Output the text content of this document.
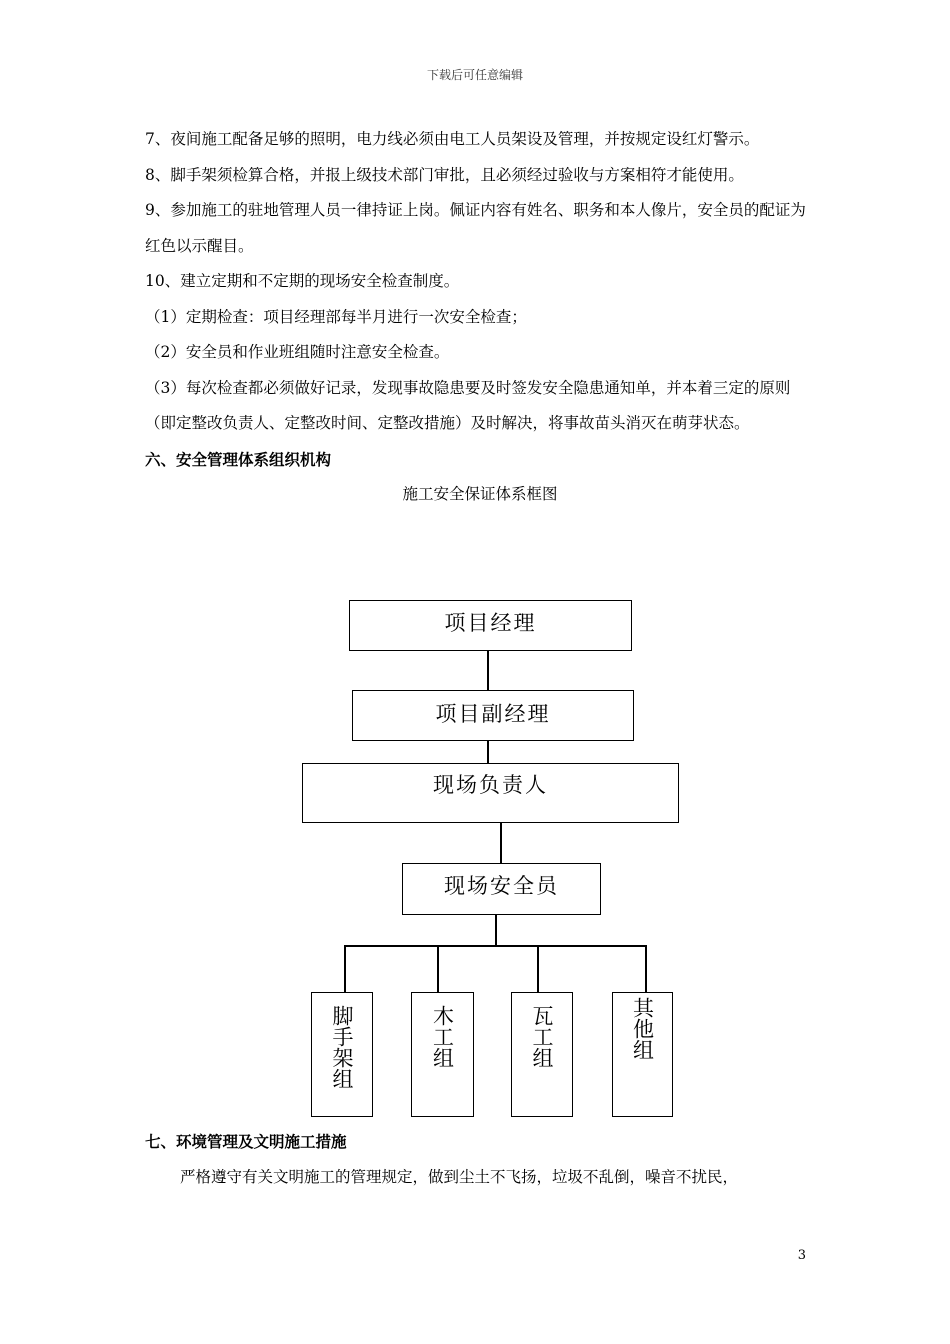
下载后可任意编辑

7、夜间施工配备足够的照明，电力线必须由电工人员架设及管理，并按规定设红灯警示。

8、脚手架须检算合格，并报上级技术部门审批，且必须经过验收与方案相符才能使用。

9、参加施工的驻地管理人员一律持证上岗。佩证内容有姓名、职务和本人像片，安全员的配证为红色以示醒目。

10、建立定期和不定期的现场安全检查制度。

（1）定期检查：项目经理部每半月进行一次安全检查；

（2）安全员和作业班组随时注意安全检查。

（3）每次检查都必须做好记录，发现事故隐患要及时签发安全隐患通知单，并本着三定的原则（即定整改负责人、定整改时间、定整改措施）及时解决，将事故苗头消灭在萌芽状态。

六、安全管理体系组织机构

施工安全保证体系框图

项目经理
项目副经理
现场负责人
现场安全员
脚手架组	木工组	瓦工组	其他组

七、环境管理及文明施工措施

严格遵守有关文明施工的管理规定，做到尘土不飞扬，垃圾不乱倒，噪音不扰民，

3
